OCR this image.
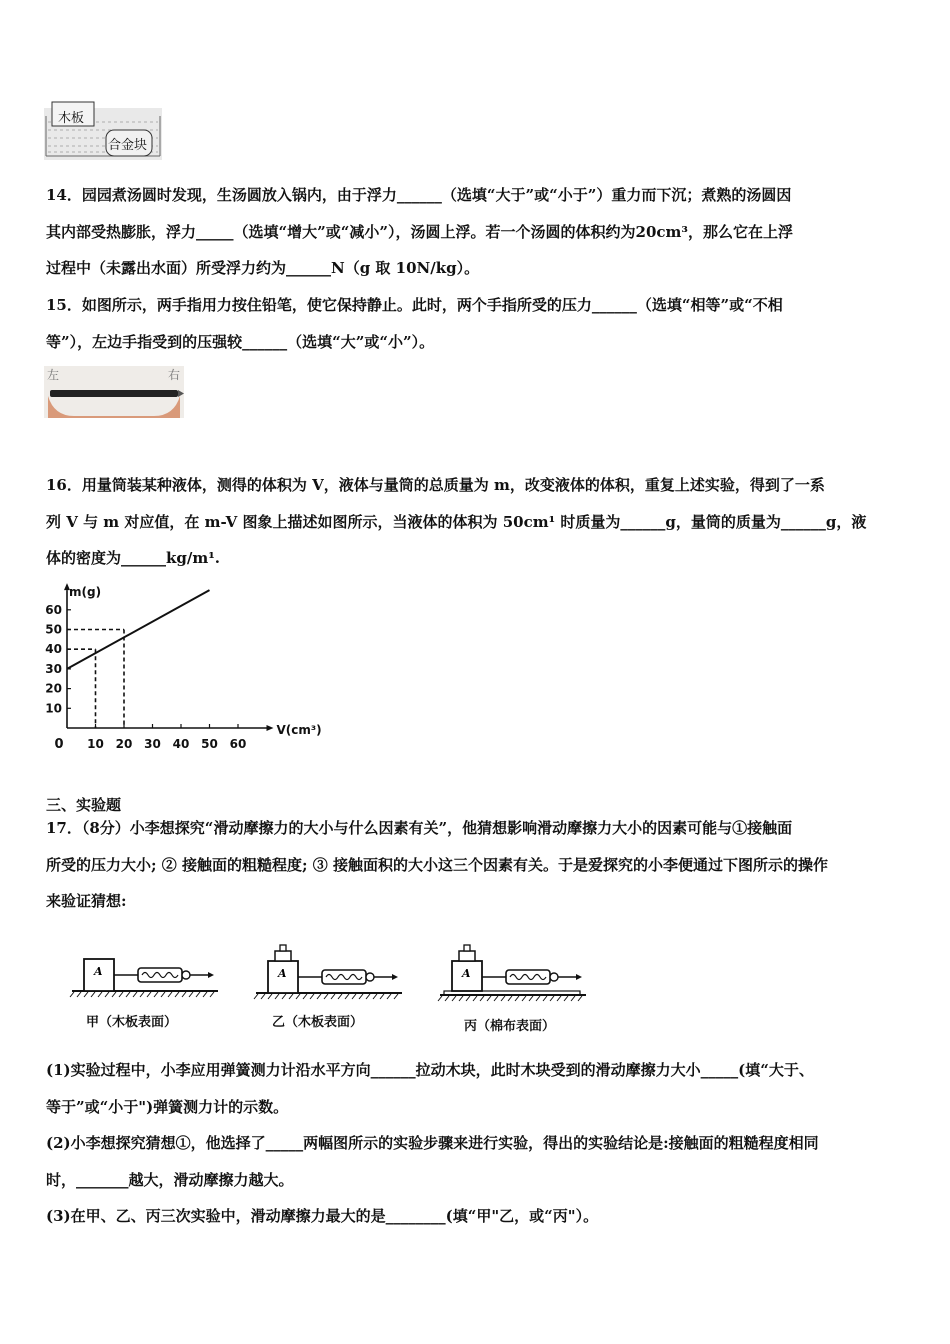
木板
合金块
14．园园煮汤圆时发现，生汤圆放入锅内，由于浮力______（选填“大于”或“小于”）重力而下沉；煮熟的汤圆因
其内部受热膨胀，浮力_____（选填“增大”或“减小”），汤圆上浮。若一个汤圆的体积约为20cm³，那么它在上浮
过程中（未露出水面）所受浮力约为______N（g 取 10N/kg）。
15．如图所示，两手指用力按住铅笔，使它保持静止。此时，两个手指所受的压力______（选填“相等”或“不相
等”），左边手指受到的压强较______（选填“大”或“小”）。
左	右
16．用量筒装某种液体，测得的体积为 V，液体与量筒的总质量为 m，改变液体的体积，重复上述实验，得到了一系
列 V 与 m 对应值，在 m-V 图象上描述如图所示，当液体的体积为 50cm¹ 时质量为______g，量筒的质量为______g，液
体的密度为______kg/m¹.
10 20 30 40 50 60
10
20
30
40
50
60
0
m(g)
V(cm³)
三、实验题
17．（8分）小李想探究“滑动摩擦力的大小与什么因素有关”，他猜想影响滑动摩擦力大小的因素可能与①接触面
所受的压力大小; ② 接触面的粗糙程度; ③ 接触面积的大小这三个因素有关。于是爱探究的小李便通过下图所示的操作
来验证猜想:
A	A	A
甲（木板表面）	乙（木板表面）	丙（棉布表面）
(1)实验过程中，小李应用弹簧测力计沿水平方向______拉动木块，此时木块受到的滑动摩擦力大小_____(填“大于、
等于”或“小于")弹簧测力计的示数。
(2)小李想探究猜想①，他选择了_____两幅图所示的实验步骤来进行实验，得出的实验结论是:接触面的粗糙程度相同
时，_______越大，滑动摩擦力越大。
(3)在甲、乙、丙三次实验中，滑动摩擦力最大的是________(填“甲"乙，或“丙"）。
